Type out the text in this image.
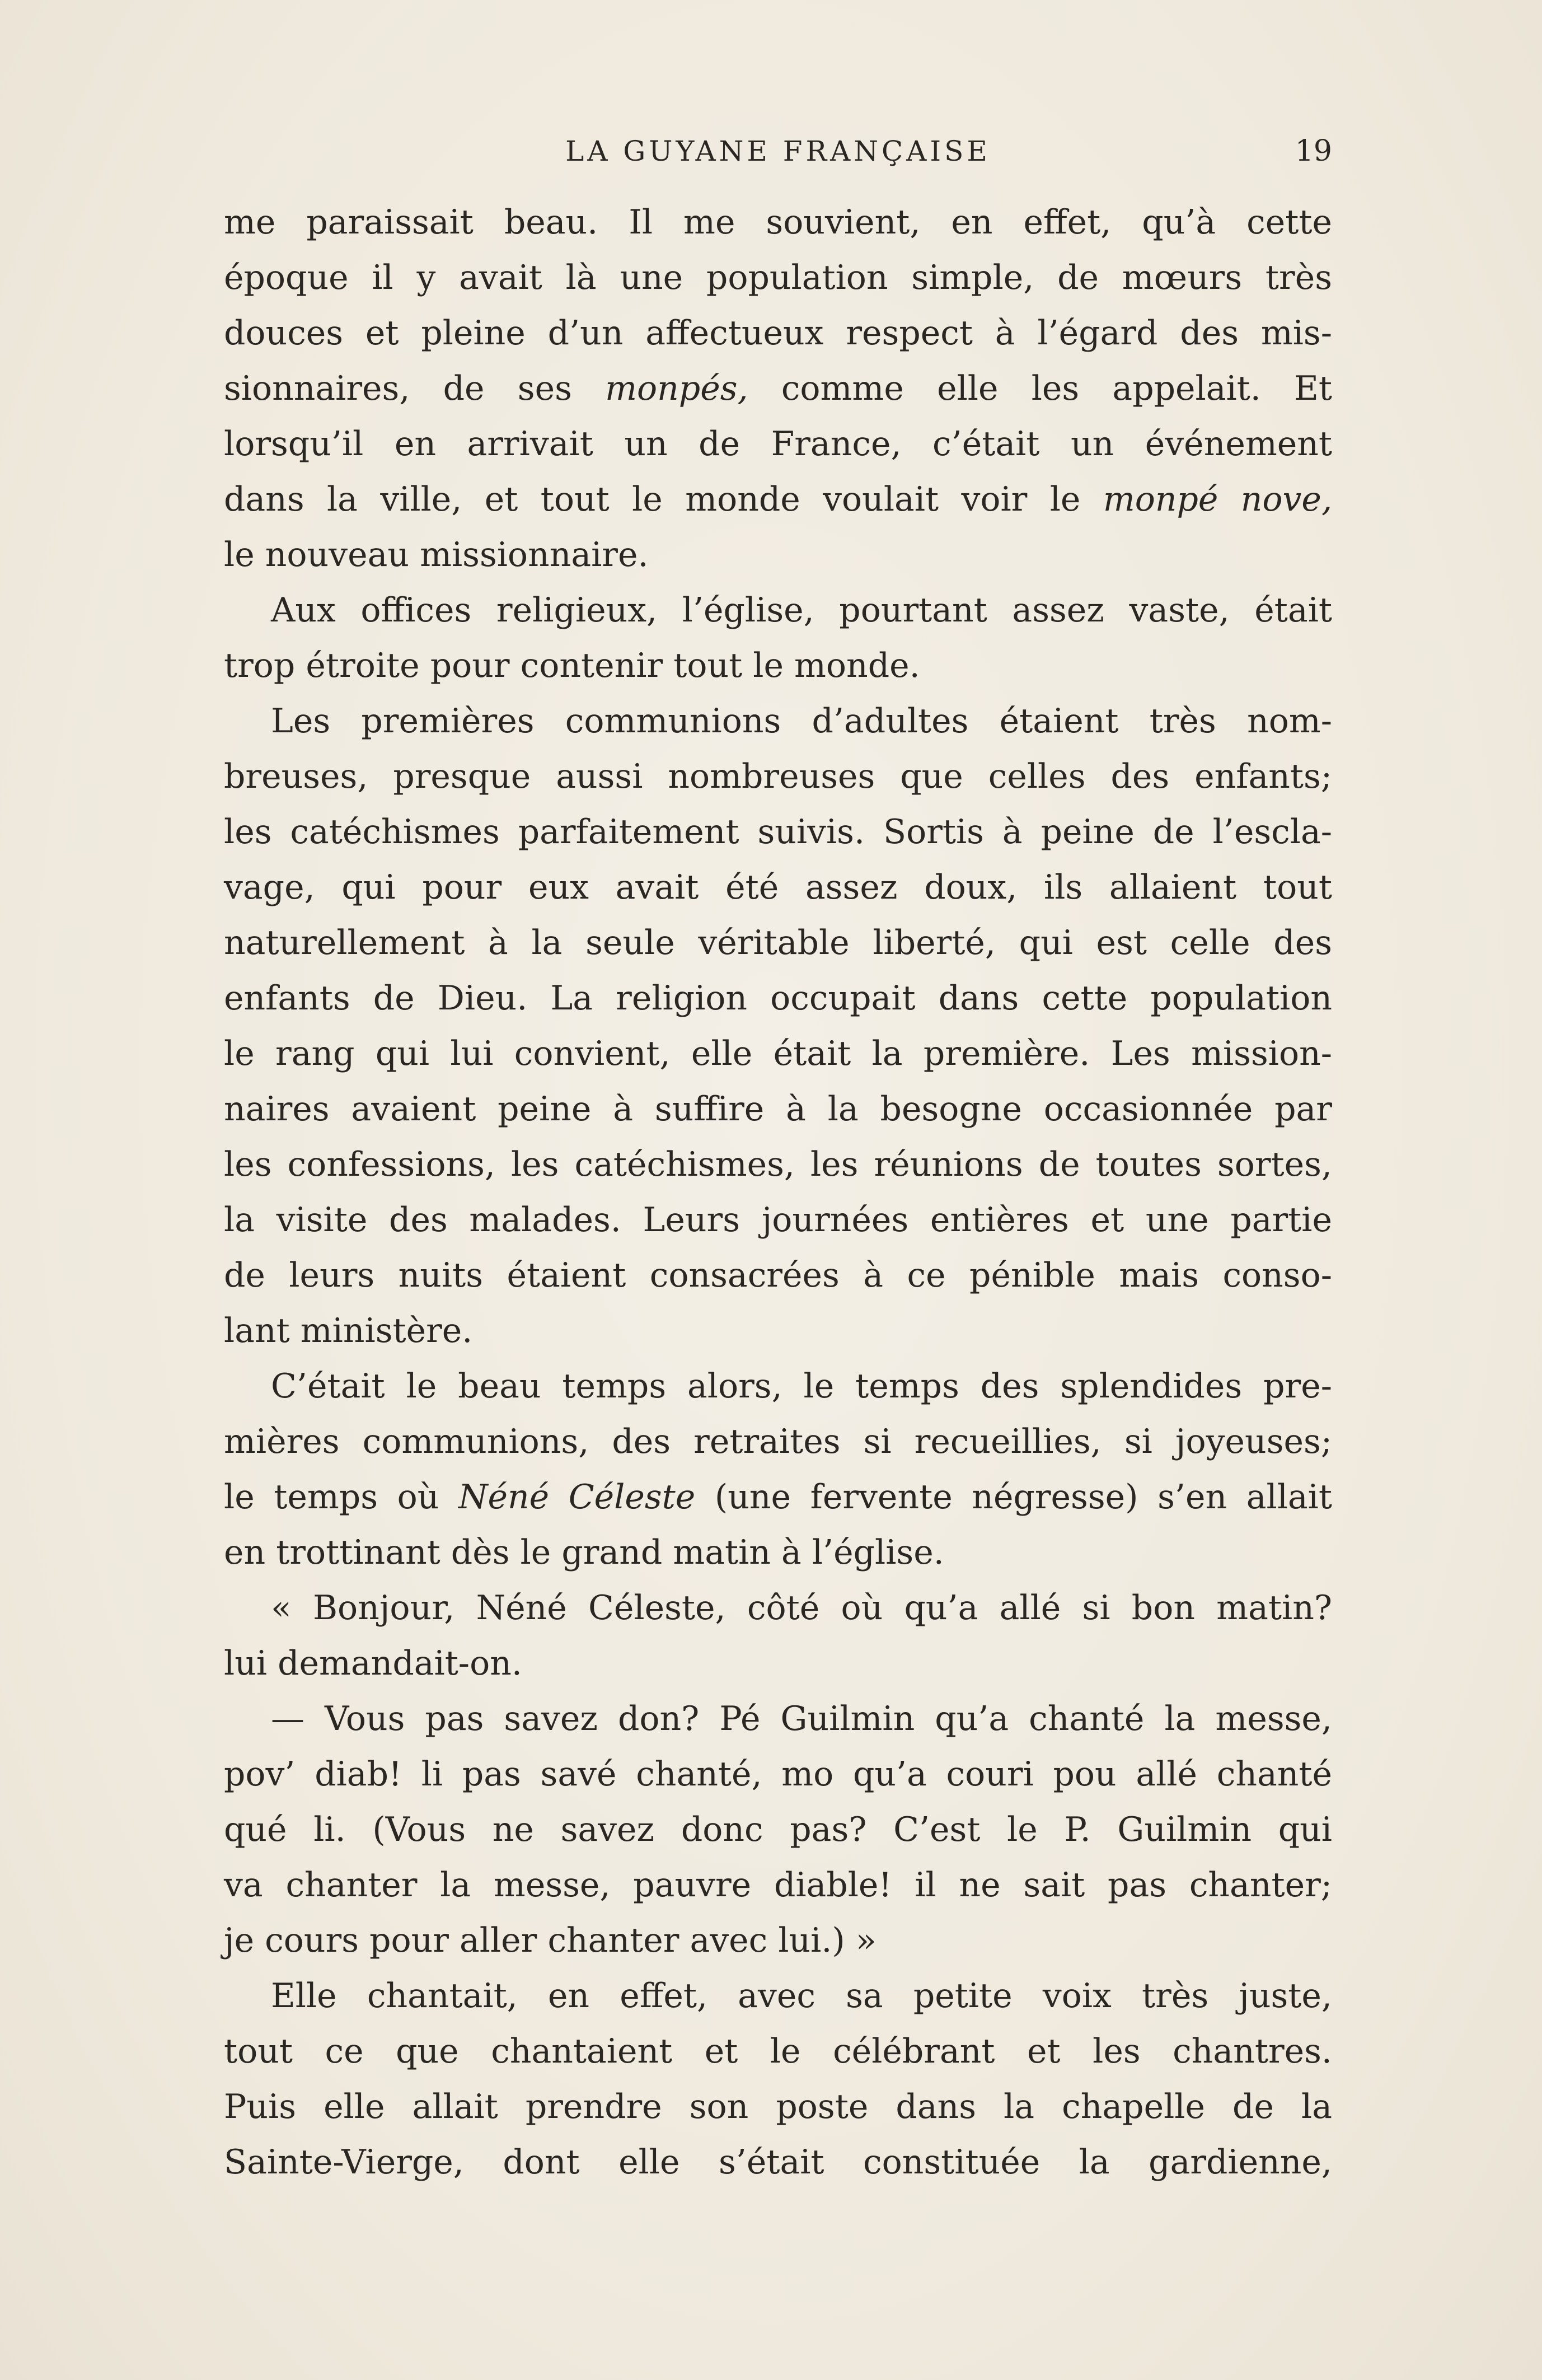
LA GUYANE FRANÇAISE	19
me paraissait beau. Il me souvient, en effet, qu’à cette
époque il y avait là une population simple, de mœurs très
douces et pleine d’un affectueux respect à l’égard des mis-
sionnaires, de ses monpés, comme elle les appelait. Et
lorsqu’il en arrivait un de France, c’était un événement
dans la ville, et tout le monde voulait voir le monpé nove,
le nouveau missionnaire.
Aux offices religieux, l’église, pourtant assez vaste, était
trop étroite pour contenir tout le monde.
Les premières communions d’adultes étaient très nom-
breuses, presque aussi nombreuses que celles des enfants;
les catéchismes parfaitement suivis. Sortis à peine de l’escla-
vage, qui pour eux avait été assez doux, ils allaient tout
naturellement à la seule véritable liberté, qui est celle des
enfants de Dieu. La religion occupait dans cette population
le rang qui lui convient, elle était la première. Les mission-
naires avaient peine à suffire à la besogne occasionnée par
les confessions, les catéchismes, les réunions de toutes sortes,
la visite des malades. Leurs journées entières et une partie
de leurs nuits étaient consacrées à ce pénible mais conso-
lant ministère.
C’était le beau temps alors, le temps des splendides pre-
mières communions, des retraites si recueillies, si joyeuses;
le temps où Néné Céleste (une fervente négresse) s’en allait
en trottinant dès le grand matin à l’église.
« Bonjour, Néné Céleste, côté où qu’a allé si bon matin?
lui demandait-on.
— Vous pas savez don? Pé Guilmin qu’a chanté la messe,
pov’ diab! li pas savé chanté, mo qu’a couri pou allé chanté
qué li. (Vous ne savez donc pas? C’est le P. Guilmin qui
va chanter la messe, pauvre diable! il ne sait pas chanter;
je cours pour aller chanter avec lui.) »
Elle chantait, en effet, avec sa petite voix très juste,
tout ce que chantaient et le célébrant et les chantres.
Puis elle allait prendre son poste dans la chapelle de la
Sainte-Vierge, dont elle s’était constituée la gardienne,
